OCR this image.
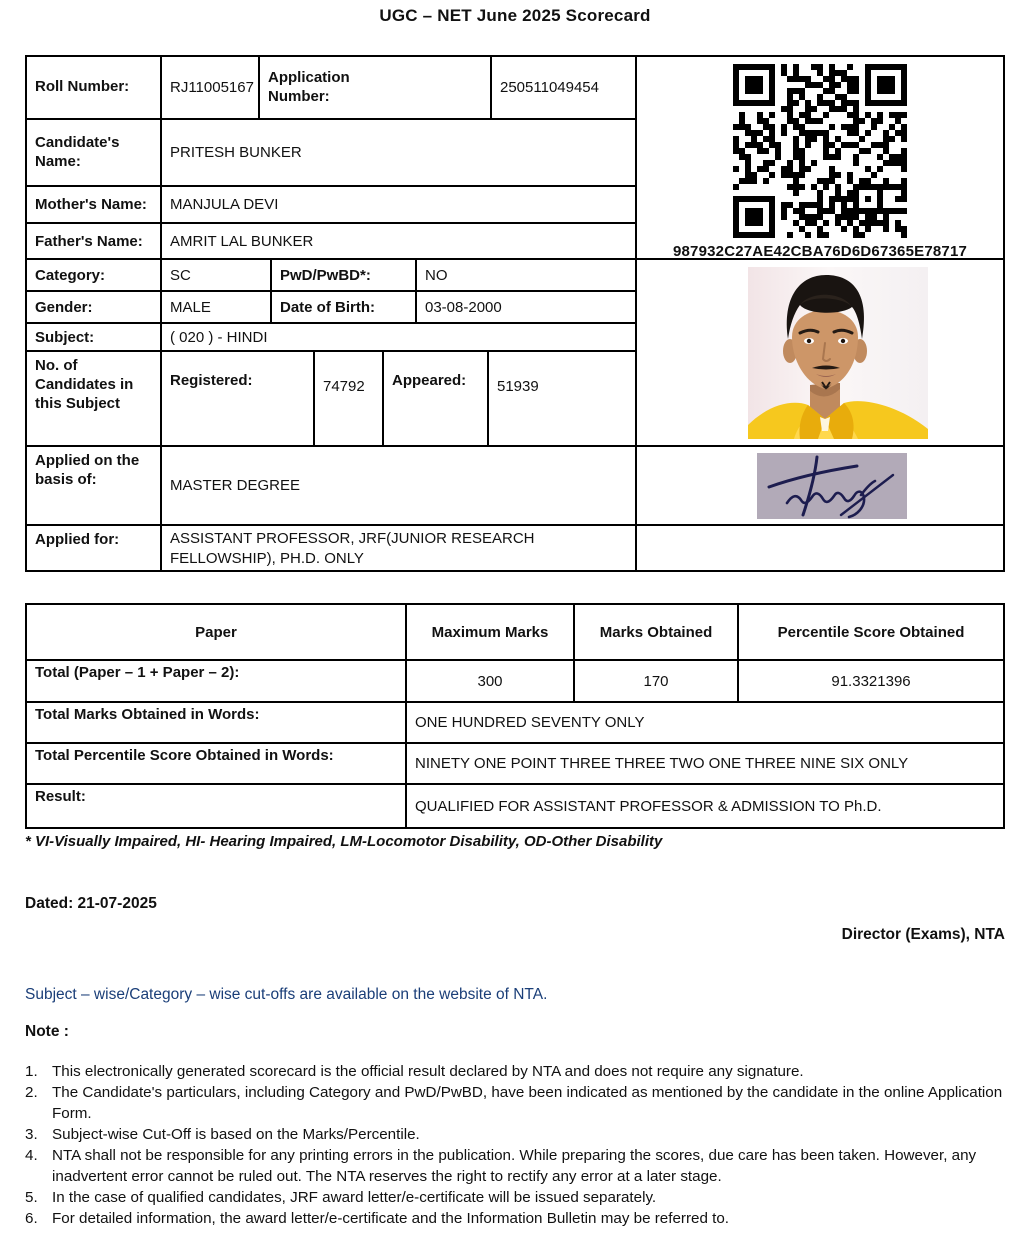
UGC – NET June 2025 Scorecard
Roll Number:	RJ11005167
Application Number:	250511049454
Candidate's Name:	PRITESH BUNKER
Mother's Name: MANJULA DEVI
Father's Name: AMRIT LAL BUNKER
Category:	SC	PwD/PwBD*:	NO
Gender:	MALE	Date of Birth:	03-08-2000
Subject:	( 020 ) - HINDI
No. of Candidates in this Subject
Registered:	74792 Appeared: 51939
Applied on the basis of:	MASTER DEGREE
Applied for:	ASSISTANT PROFESSOR, JRF(JUNIOR RESEARCH FELLOWSHIP), PH.D. ONLY
987932C27AE42CBA76D6D67365E78717
Paper	Maximum Marks	Marks Obtained	Percentile Score Obtained
Total (Paper – 1 + Paper – 2):	300	170	91.3321396
Total Marks Obtained in Words:	ONE HUNDRED SEVENTY ONLY		
Total Percentile Score Obtained in Words:	NINETY ONE POINT THREE THREE TWO ONE THREE NINE SIX ONLY		
Result:	QUALIFIED FOR ASSISTANT PROFESSOR & ADMISSION TO Ph.D.		
* VI-Visually Impaired, HI- Hearing Impaired, LM-Locomotor Disability, OD-Other Disability
Dated: 21-07-2025
Director (Exams), NTA
Subject – wise/Category – wise cut-offs are available on the website of NTA.
Note :
1. This electronically generated scorecard is the official result declared by NTA and does not require any signature.
2. The Candidate's particulars, including Category and PwD/PwBD, have been indicated as mentioned by the candidate in the online Application Form.
3. Subject-wise Cut-Off is based on the Marks/Percentile.
4. NTA shall not be responsible for any printing errors in the publication. While preparing the scores, due care has been taken. However, any inadvertent error cannot be ruled out. The NTA reserves the right to rectify any error at a later stage.
5. In the case of qualified candidates, JRF award letter/e-certificate will be issued separately.
6. For detailed information, the award letter/e-certificate and the Information Bulletin may be referred to.
